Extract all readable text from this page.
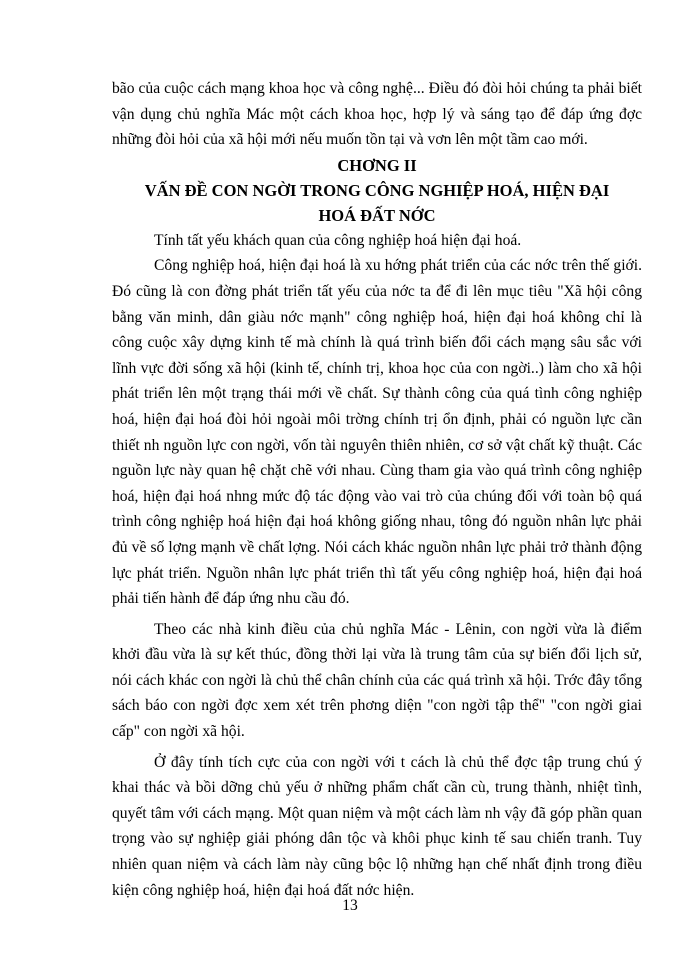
bão của cuộc cách mạng khoa học và công nghệ... Điều đó đòi hỏi chúng ta phải biết vận dụng chủ nghĩa Mác một cách khoa học, hợp lý và sáng tạo để đáp ứng đợc những đòi hỏi của xã hội mới nếu muốn tồn tại và vơn lên một tầm cao mới.

CHƠNG II

VẤN ĐỀ CON NGỜI TRONG CÔNG NGHIỆP HOÁ, HIỆN ĐẠI

HOÁ ĐẤT NỚC

Tính tất yếu khách quan của công nghiệp hoá hiện đại hoá.

Công nghiệp hoá, hiện đại hoá là xu hớng phát triển của các nớc trên thế giới. Đó cũng là con đờng phát triển tất yếu của nớc ta để đi lên mục tiêu "Xã hội công bằng văn minh, dân giàu nớc mạnh" công nghiệp hoá, hiện đại hoá không chỉ là công cuộc xây dựng kinh tế mà chính là quá trình biến đổi cách mạng sâu sắc với lĩnh vực đời sống xã hội (kinh tế, chính trị, khoa học của con ngời..) làm cho xã hội phát triển lên một trạng thái mới về chất. Sự thành công của quá tình công nghiệp hoá, hiện đại hoá đòi hỏi ngoài môi trờng chính trị ổn định, phải có nguồn lực cần thiết nh nguồn lực con ngời, vốn tài nguyên thiên nhiên, cơ sở vật chất kỹ thuật. Các nguồn lực này quan hệ chặt chẽ với nhau. Cùng tham gia vào quá trình công nghiệp hoá, hiện đại hoá nhng mức độ tác động vào vai trò của chúng đối với toàn bộ quá trình công nghiệp hoá hiện đại hoá không giống nhau, tông đó nguồn nhân lực phải đủ về số lợng mạnh về chất lợng. Nói cách khác nguồn nhân lực phải trở thành động lực phát triển. Nguồn nhân lực phát triển thì tất yếu công nghiệp hoá, hiện đại hoá phải tiến hành để đáp ứng nhu cầu đó.

Theo các nhà kinh điều của chủ nghĩa Mác - Lênin, con ngời vừa là điểm khởi đầu vừa là sự kết thúc, đồng thời lại vừa là trung tâm của sự biến đổi lịch sử, nói cách khác con ngời là chủ thể chân chính của các quá trình xã hội. Trớc đây tổng sách báo con ngời đợc xem xét trên phơng diện "con ngời tập thể" "con ngời giai cấp" con ngời xã hội.

Ở đây tính tích cực của con ngời với t cách là chủ thể đợc tập trung chú ý khai thác và bồi dỡng chủ yếu ở những phẩm chất cần cù, trung thành, nhiệt tình, quyết tâm với cách mạng. Một quan niệm và một cách làm nh vậy đã góp phần quan trọng vào sự nghiệp giải phóng dân tộc và khôi phục kinh tế sau chiến tranh. Tuy nhiên quan niệm và cách làm này cũng bộc lộ những hạn chế nhất định trong điều kiện công nghiệp hoá, hiện đại hoá đất nớc hiện.

13
